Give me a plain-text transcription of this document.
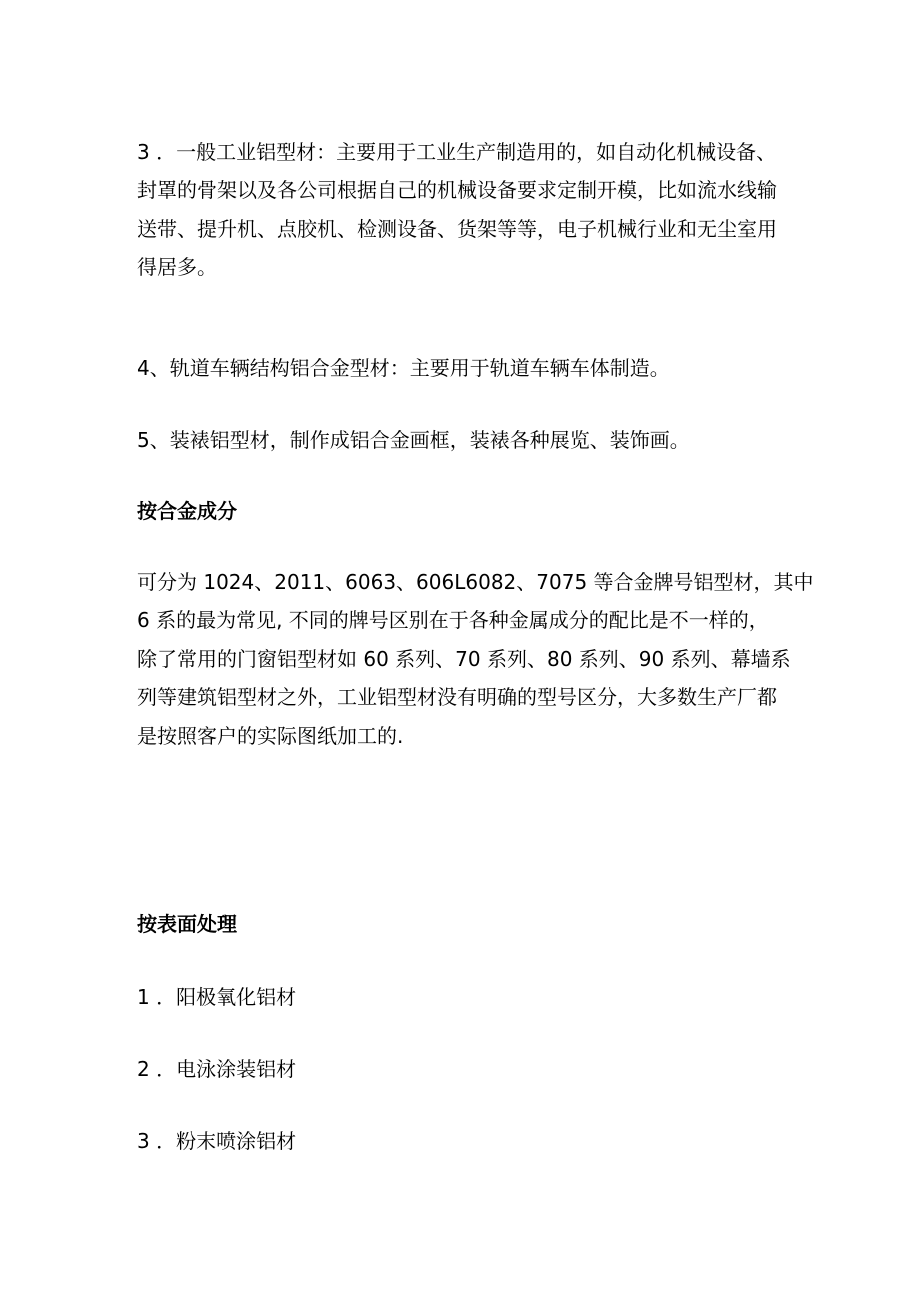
3 ．一般工业铝型材：主要用于工业生产制造用的，如自动化机械设备、
封罩的骨架以及各公司根据自己的机械设备要求定制开模，比如流水线输
送带、提升机、点胶机、检测设备、货架等等，电子机械行业和无尘室用
得居多。

4、轨道车辆结构铝合金型材：主要用于轨道车辆车体制造。

5、装裱铝型材，制作成铝合金画框，装裱各种展览、装饰画。

按合金成分

可分为 1024、2011、6063、606L6082、7075 等合金牌号铝型材，其中
6 系的最为常见, 不同的牌号区别在于各种金属成分的配比是不一样的，
除了常用的门窗铝型材如 60 系列、70 系列、80 系列、90 系列、幕墙系
列等建筑铝型材之外，工业铝型材没有明确的型号区分，大多数生产厂都
是按照客户的实际图纸加工的.

按表面处理

1 ．阳极氧化铝材

2 ．电泳涂装铝材

3 ．粉末喷涂铝材
